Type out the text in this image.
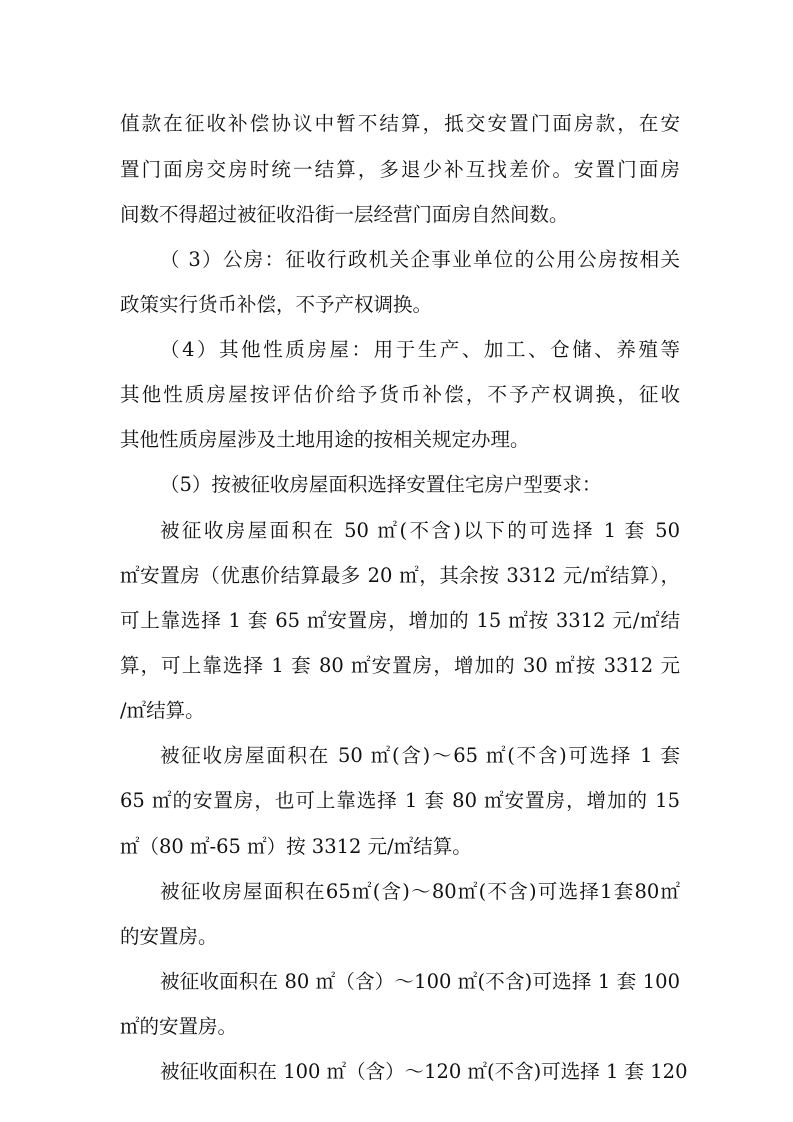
值款在征收补偿协议中暂不结算，抵交安置门面房款，在安
置门面房交房时统一结算，多退少补互找差价。安置门面房
间数不得超过被征收沿街一层经营门面房自然间数。
（ 3）公房：征收行政机关企事业单位的公用公房按相关
政策实行货币补偿，不予产权调换。
（4）其他性质房屋：用于生产、加工、仓储、养殖等
其他性质房屋按评估价给予货币补偿，不予产权调换，征收
其他性质房屋涉及土地用途的按相关规定办理。
（5）按被征收房屋面积选择安置住宅房户型要求：
被征收房屋面积在 50 ㎡(不含)以下的可选择 1 套 50
㎡安置房（优惠价结算最多 20 ㎡，其余按 3312 元/㎡结算），
可上靠选择 1 套 65 ㎡安置房，增加的 15 ㎡按 3312 元/㎡结
算，可上靠选择 1 套 80 ㎡安置房，增加的 30 ㎡按 3312 元
/㎡结算。
被征收房屋面积在 50 ㎡(含)～65 ㎡(不含)可选择 1 套
65 ㎡的安置房，也可上靠选择 1 套 80 ㎡安置房，增加的 15
㎡（80 ㎡-65 ㎡）按 3312 元/㎡结算。
被征收房屋面积在65㎡(含)～80㎡(不含)可选择1套80㎡
的安置房。
被征收面积在 80 ㎡（含）～100 ㎡(不含)可选择 1 套 100
㎡的安置房。
被征收面积在 100 ㎡（含）～120 ㎡(不含)可选择 1 套 120
